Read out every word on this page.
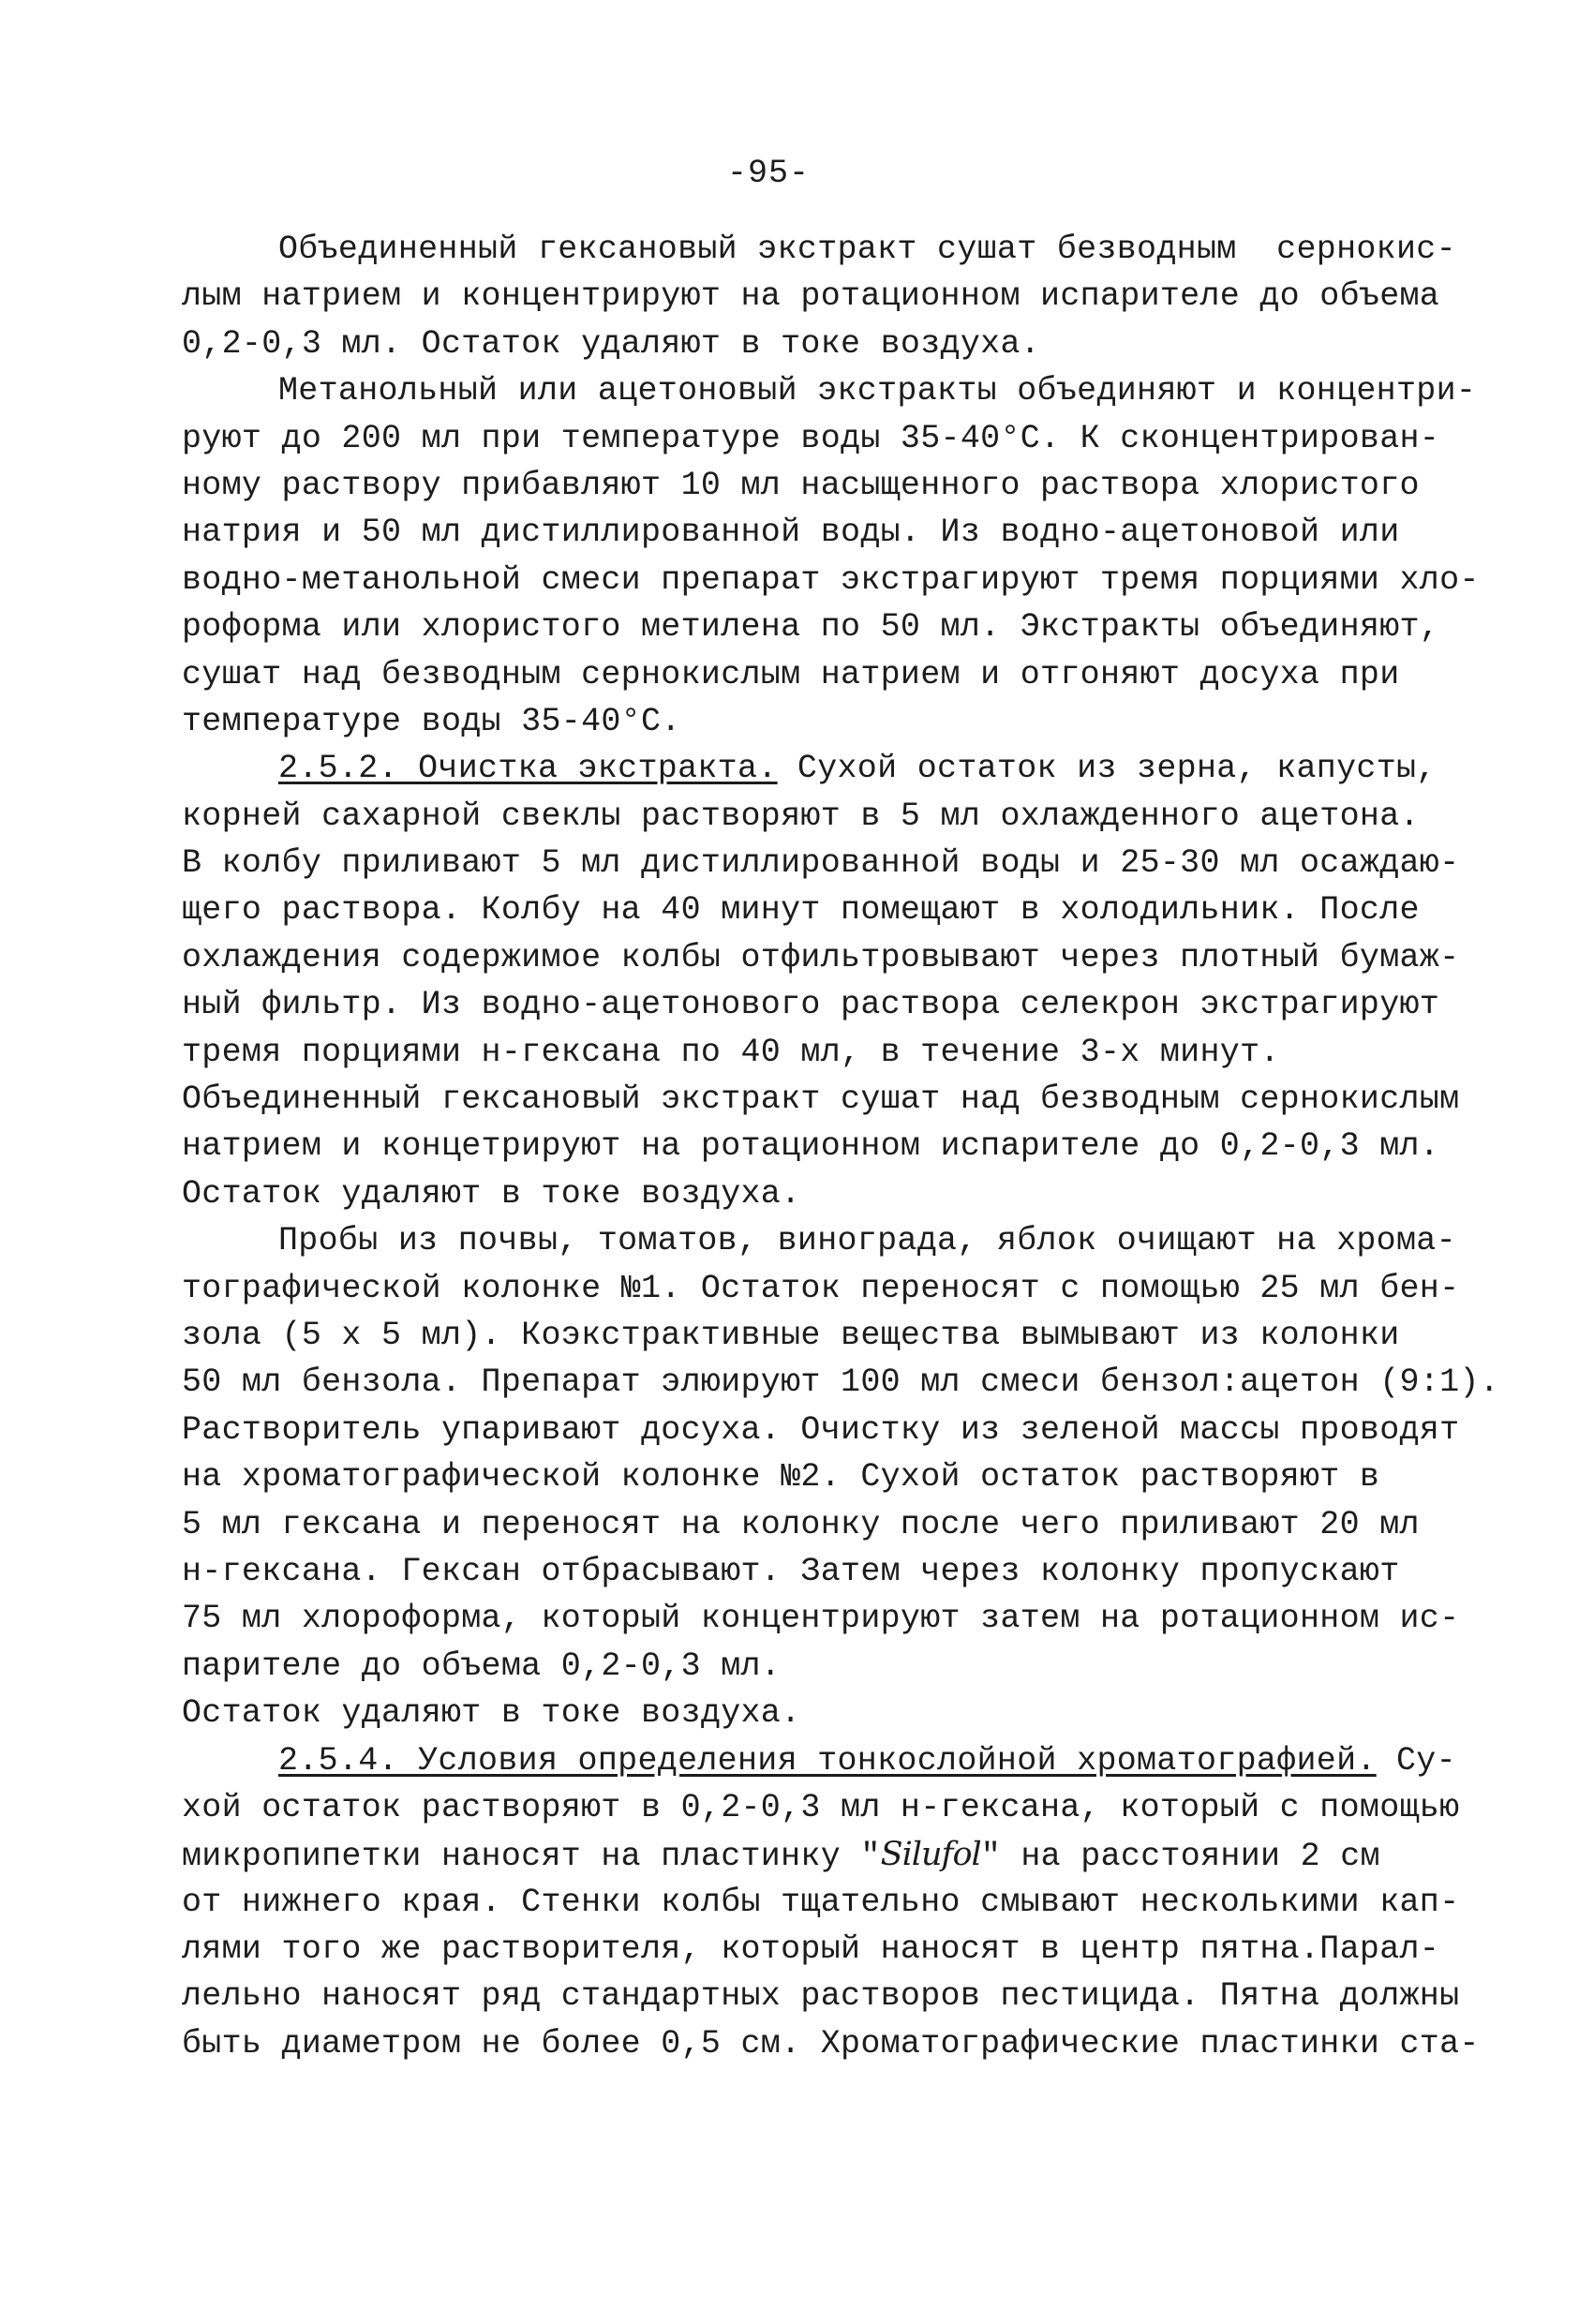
-95-
Объединенный гексановый экстракт сушат безводным  сернокис-
лым натрием и концентрируют на ротационном испарителе до объема
0,2-0,3 мл. Остаток удаляют в токе воздуха.
Метанольный или ацетоновый экстракты объединяют и концентри-
руют до 200 мл при температуре воды 35-40°С. К сконцентрирован-
ному раствору прибавляют 10 мл насыщенного раствора хлористого
натрия и 50 мл дистиллированной воды. Из водно-ацетоновой или
водно-метанольной смеси препарат экстрагируют тремя порциями хло-
роформа или хлористого метилена по 50 мл. Экстракты объединяют,
сушат над безводным сернокислым натрием и отгоняют досуха при
температуре воды 35-40°С.
2.5.2. Очистка экстракта. Сухой остаток из зерна, капусты,
корней сахарной свеклы растворяют в 5 мл охлажденного ацетона.
В колбу приливают 5 мл дистиллированной воды и 25-30 мл осаждаю-
щего раствора. Колбу на 40 минут помещают в холодильник. После
охлаждения содержимое колбы отфильтровывают через плотный бумаж-
ный фильтр. Из водно-ацетонового раствора селекрон экстрагируют
тремя порциями н-гексана по 40 мл, в течение 3-х минут.
Объединенный гексановый экстракт сушат над безводным сернокислым
натрием и концетрируют на ротационном испарителе до 0,2-0,3 мл.
Остаток удаляют в токе воздуха.
Пробы из почвы, томатов, винограда, яблок очищают на хрома-
тографической колонке №1. Остаток переносят с помощью 25 мл бен-
зола (5 x 5 мл). Коэкстрактивные вещества вымывают из колонки
50 мл бензола. Препарат элюируют 100 мл смеси бензол:ацетон (9:1).
Растворитель упаривают досуха. Очистку из зеленой массы проводят
на хроматографической колонке №2. Сухой остаток растворяют в
5 мл гексана и переносят на колонку после чего приливают 20 мл
н-гексана. Гексан отбрасывают. Затем через колонку пропускают
75 мл хлороформа, который концентрируют затем на ротационном ис-
парителе до объема 0,2-0,3 мл.
Остаток удаляют в токе воздуха.
2.5.4. Условия определения тонкослойной хроматографией. Су-
хой остаток растворяют в 0,2-0,3 мл н-гексана, который с помощью
микропипетки наносят на пластинку "Silufol" на расстоянии 2 см
от нижнего края. Стенки колбы тщательно смывают несколькими кап-
лями того же растворителя, который наносят в центр пятна.Парал-
лельно наносят ряд стандартных растворов пестицида. Пятна должны
быть диаметром не более 0,5 см. Хроматографические пластинки ста-
